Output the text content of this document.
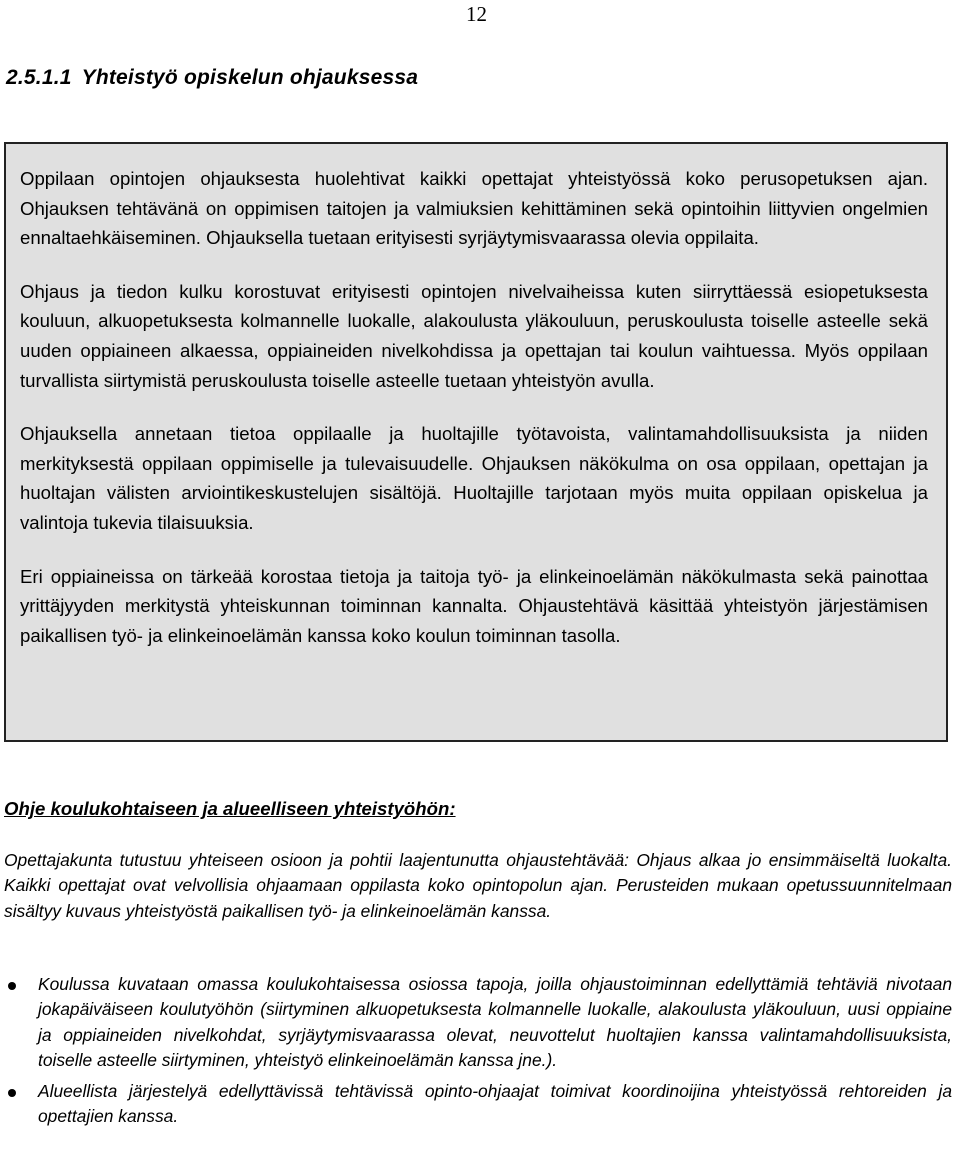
12
2.5.1.1 Yhteistyö opiskelun ohjauksessa

Oppilaan opintojen ohjauksesta huolehtivat kaikki opettajat yhteistyössä koko perusopetuksen ajan. Ohjauksen tehtävänä on oppimisen taitojen ja valmiuksien kehittäminen sekä opintoihin liittyvien ongelmien ennaltaehkäiseminen. Ohjauksella tuetaan erityisesti syrjäytymisvaarassa olevia oppilaita.

Ohjaus ja tiedon kulku korostuvat erityisesti opintojen nivelvaiheissa kuten siirryttäessä esiopetuksesta kouluun, alkuopetuksesta kolmannelle luokalle, alakoulusta yläkouluun, peruskoulusta toiselle asteelle sekä uuden oppiaineen alkaessa, oppiaineiden nivelkohdissa ja opettajan tai koulun vaihtuessa. Myös oppilaan turvallista siirtymistä peruskoulusta toiselle asteelle tuetaan yhteistyön avulla.

Ohjauksella annetaan tietoa oppilaalle ja huoltajille työtavoista, valintamahdollisuuksista ja niiden merkityksestä oppilaan oppimiselle ja tulevaisuudelle. Ohjauksen näkökulma on osa oppilaan, opettajan ja huoltajan välisten arviointikeskustelujen sisältöjä. Huoltajille tarjotaan myös muita oppilaan opiskelua ja valintoja tukevia tilaisuuksia.

Eri oppiaineissa on tärkeää korostaa tietoja ja taitoja työ- ja elinkeinoelämän näkökulmasta sekä painottaa yrittäjyyden merkitystä yhteiskunnan toiminnan kannalta. Ohjaustehtävä käsittää yhteistyön järjestämisen paikallisen työ- ja elinkeinoelämän kanssa koko koulun toiminnan tasolla.

Ohje koulukohtaiseen ja alueelliseen yhteistyöhön:

Opettajakunta tutustuu yhteiseen osioon ja pohtii laajentunutta ohjaustehtävää: Ohjaus alkaa jo ensimmäiseltä luokalta. Kaikki opettajat ovat velvollisia ohjaamaan oppilasta koko opintopolun ajan. Perusteiden mukaan opetussuunnitelmaan sisältyy kuvaus yhteistyöstä paikallisen työ- ja elinkeinoelämän kanssa.

Koulussa kuvataan omassa koulukohtaisessa osiossa tapoja, joilla ohjaustoiminnan edellyttämiä tehtäviä nivotaan jokapäiväiseen koulutyöhön (siirtyminen alkuopetuksesta kolmannelle luokalle, alakoulusta yläkouluun, uusi oppiaine ja oppiaineiden nivelkohdat, syrjäytymisvaarassa olevat, neuvottelut huoltajien kanssa valintamahdollisuuksista, toiselle asteelle siirtyminen, yhteistyö elinkeinoelämän kanssa jne.).
Alueellista järjestelyä edellyttävissä tehtävissä opinto-ohjaajat toimivat koordinoijina yhteistyössä rehtoreiden ja opettajien kanssa.
